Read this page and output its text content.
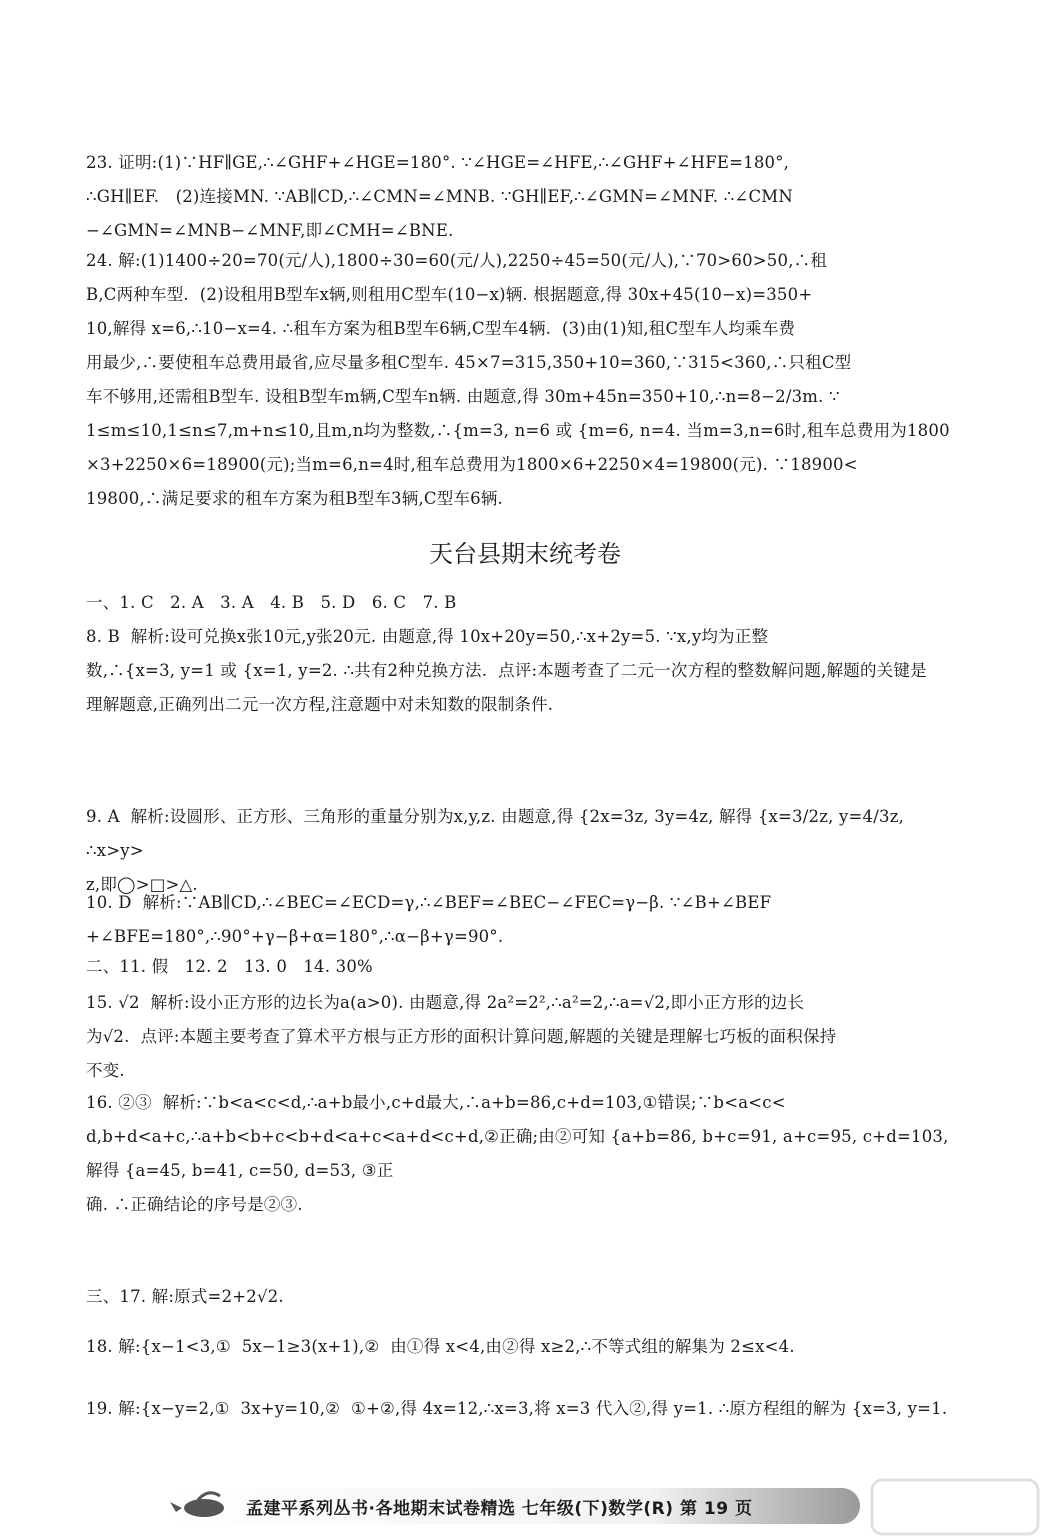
23. 证明:(1)∵HF∥GE,∴∠GHF+∠HGE=180°. ∵∠HGE=∠HFE,∴∠GHF+∠HFE=180°,
∴GH∥EF.   (2)连接MN. ∵AB∥CD,∴∠CMN=∠MNB. ∵GH∥EF,∴∠GMN=∠MNF. ∴∠CMN
−∠GMN=∠MNB−∠MNF,即∠CMH=∠BNE.

24. 解:(1)1400÷20=70(元/人),1800÷30=60(元/人),2250÷45=50(元/人),∵70>60>50,∴租
B,C两种车型.  (2)设租用B型车x辆,则租用C型车(10−x)辆. 根据题意,得 30x+45(10−x)=350+
10,解得 x=6,∴10−x=4. ∴租车方案为租B型车6辆,C型车4辆.  (3)由(1)知,租C型车人均乘车费
用最少,∴要使租车总费用最省,应尽量多租C型车. 45×7=315,350+10=360,∵315<360,∴只租C型
车不够用,还需租B型车. 设租B型车m辆,C型车n辆. 由题意,得 30m+45n=350+10,∴n=8−2/3m. ∵
1≤m≤10,1≤n≤7,m+n≤10,且m,n均为整数,∴{m=3, n=6 或 {m=6, n=4. 当m=3,n=6时,租车总费用为1800
×3+2250×6=18900(元);当m=6,n=4时,租车总费用为1800×6+2250×4=19800(元). ∵18900<
19800,∴满足要求的租车方案为租B型车3辆,C型车6辆.

天台县期末统考卷

一、1. C   2. A   3. A   4. B   5. D   6. C   7. B

8. B  解析:设可兑换x张10元,y张20元. 由题意,得 10x+20y=50,∴x+2y=5. ∵x,y均为正整
数,∴{x=3, y=1 或 {x=1, y=2. ∴共有2种兑换方法.  点评:本题考查了二元一次方程的整数解问题,解题的关键是
理解题意,正确列出二元一次方程,注意题中对未知数的限制条件.

9. A  解析:设圆形、正方形、三角形的重量分别为x,y,z. 由题意,得 {2x=3z, 3y=4z, 解得 {x=3/2z, y=4/3z, ∴x>y>
z,即◯>□>△.

10. D  解析:∵AB∥CD,∴∠BEC=∠ECD=γ,∴∠BEF=∠BEC−∠FEC=γ−β. ∵∠B+∠BEF
+∠BFE=180°,∴90°+γ−β+α=180°,∴α−β+γ=90°.

二、11. 假   12. 2   13. 0   14. 30%

15. √2  解析:设小正方形的边长为a(a>0). 由题意,得 2a²=2²,∴a²=2,∴a=√2,即小正方形的边长
为√2.  点评:本题主要考查了算术平方根与正方形的面积计算问题,解题的关键是理解七巧板的面积保持
不变.

16. ②③  解析:∵b<a<c<d,∴a+b最小,c+d最大,∴a+b=86,c+d=103,①错误;∵b<a<c<
d,b+d<a+c,∴a+b<b+c<b+d<a+c<a+d<c+d,②正确;由②可知 {a+b=86, b+c=91, a+c=95, c+d=103, 解得 {a=45, b=41, c=50, d=53, ③正
确. ∴正确结论的序号是②③.

三、17. 解:原式=2+2√2.

18. 解:{x−1<3,①  5x−1≥3(x+1),②  由①得 x<4,由②得 x≥2,∴不等式组的解集为 2≤x<4.

19. 解:{x−y=2,①  3x+y=10,②  ①+②,得 4x=12,∴x=3,将 x=3 代入②,得 y=1. ∴原方程组的解为 {x=3, y=1.

孟建平系列丛书·各地期末试卷精选 七年级(下)数学(R) 第 19 页
